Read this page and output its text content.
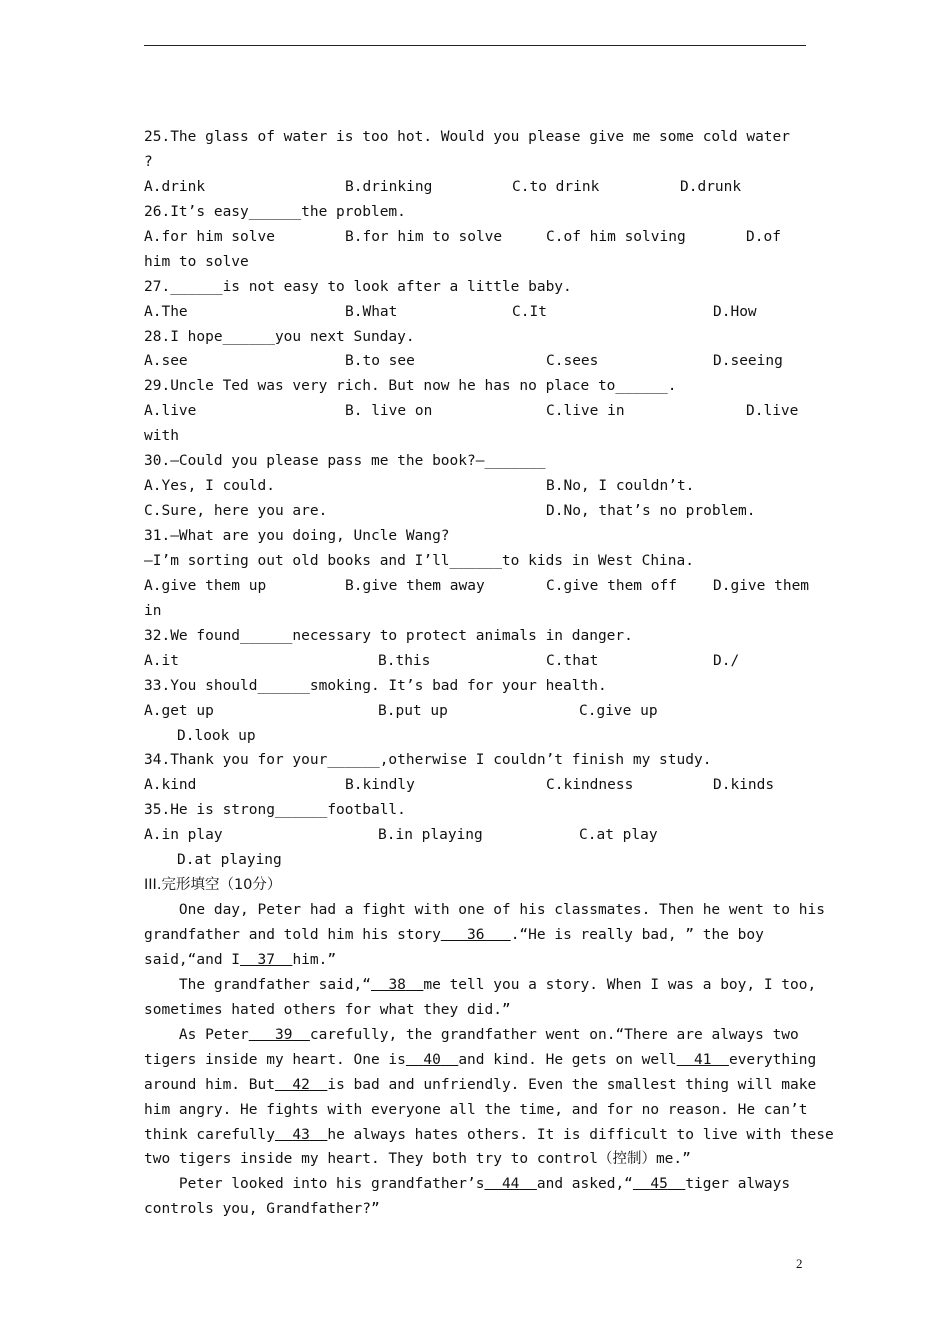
25.The glass of water is too hot. Would you please give me some cold water
?

A.drink

	B.drinking

	C.to drink

	D.drunk

26.It’s easy______the problem.

A.for him solve

	B.for him to solve

	C.of him solving

	D.of

him to solve
27.______is not easy to look after a little baby.

A.The

	B.What

	C.It

	D.How

28.I hope______you next Sunday.

A.see

	B.to see

	C.sees

	D.seeing

29.Uncle Ted was very rich. But now he has no place to______.

A.live

	B. live on

	C.live in

	D.live

with
30.—Could you please pass me the book?—_______

A.Yes, I could.

	B.No, I couldn’t.

C.Sure, here you are.

	D.No, that’s no problem.

31.—What are you doing, Uncle Wang?
—I’m sorting out old books and I’ll______to kids in West China.

A.give them up

	B.give them away

	C.give them off

D.give them

in
32.We found______necessary to protect animals in danger.

A.it

	B.this

	C.that

	D./

33.You should______smoking. It’s bad for your health.

A.get up

	B.put up

	C.give up

D.look up

34.Thank you for your______,otherwise I couldn’t finish my study.

A.kind

	B.kindly

	C.kindness

	D.kinds

35.He is strong______football.

A.in play

	B.in playing

	C.at play

D.at playing

III.完形填空（10分）
One day, Peter had a fight with one of his classmates. Then he went to his
grandfather and told him his story 36 .“He is really bad, ” the boy
said,“and I 37 him.”
The grandfather said,“ 38 me tell you a story. When I was a boy, I too,
sometimes hated others for what they did.”
As Peter 39 carefully, the grandfather went on.“There are always two
tigers inside my heart. One is 40 and kind. He gets on well 41 everything
around him. But 42 is bad and unfriendly. Even the smallest thing will make
him angry. He fights with everyone all the time, and for no reason. He can’t
think carefully 43 he always hates others. It is difficult to live with these
two tigers inside my heart. They both try to control（控制）me.”
Peter looked into his grandfather’s 44 and asked,“ 45 tiger always
controls you, Grandfather?”
2
